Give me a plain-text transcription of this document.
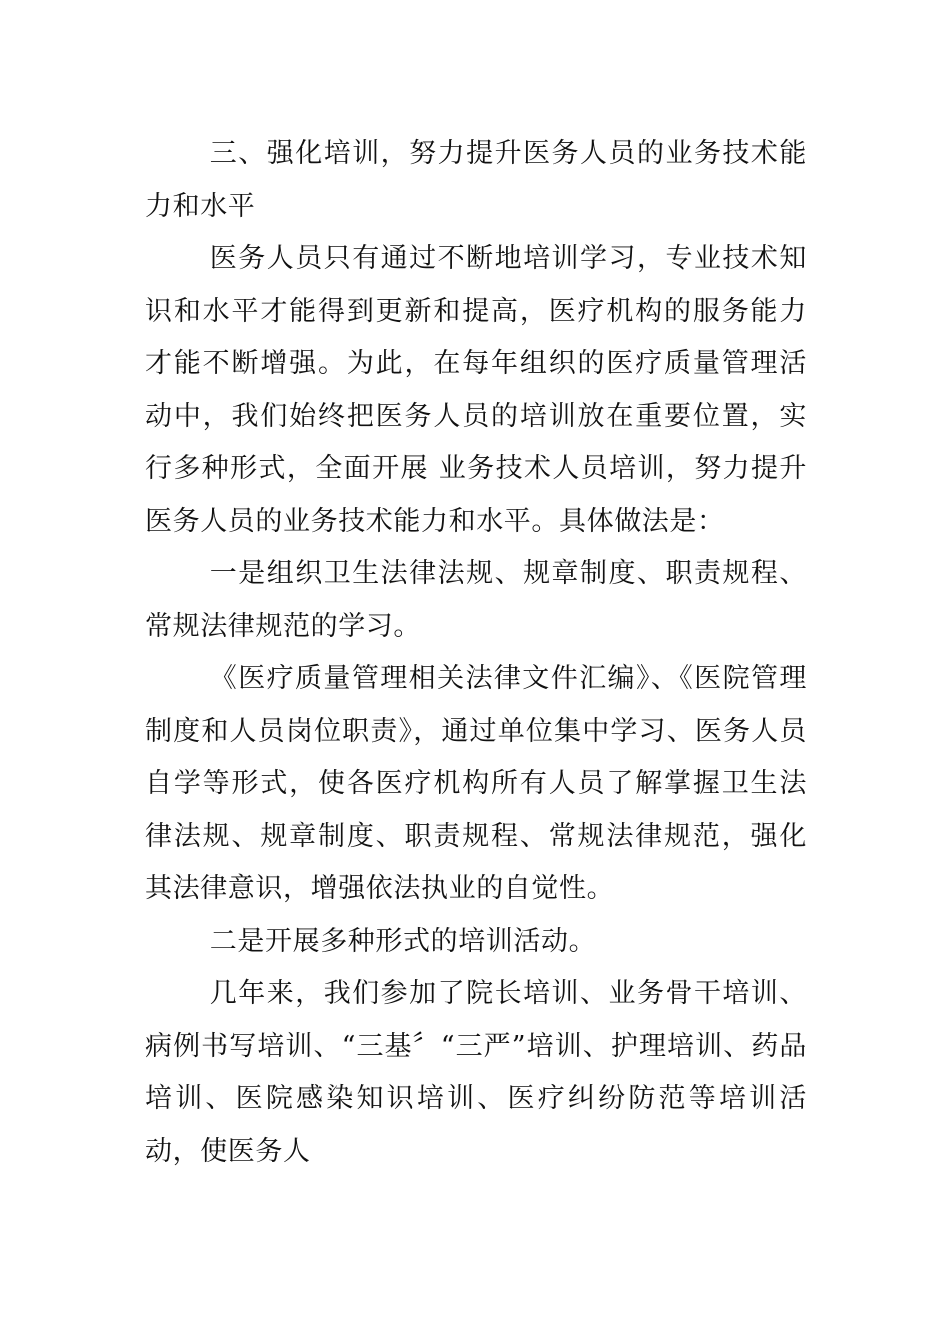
三、强化培训，努力提升医务人员的业务技术能力和水平

医务人员只有通过不断地培训学习，专业技术知识和水平才能得到更新和提高，医疗机构的服务能力才能不断增强。为此，在每年组织的医疗质量管理活动中，我们始终把医务人员的培训放在重要位置，实行多种形式，全面开展 业务技术人员培训，努力提升医务人员的业务技术能力和水平。具体做法是：

一是组织卫生法律法规、规章制度、职责规程、常规法律规范的学习。

《医疗质量管理相关法律文件汇编》、《医院管理制度和人员岗位职责》，通过单位集中学习、医务人员自学等形式，使各医疗机构所有人员了解掌握卫生法律法规、规章制度、职责规程、常规法律规范，强化其法律意识，增强依法执业的自觉性。

二是开展多种形式的培训活动。

几年来，我们参加了院长培训、业务骨干培训、病例书写培训、“三基〞“三严”培训、护理培训、药品培训、医院感染知识培训、医疗纠纷防范等培训活动，使医务人
